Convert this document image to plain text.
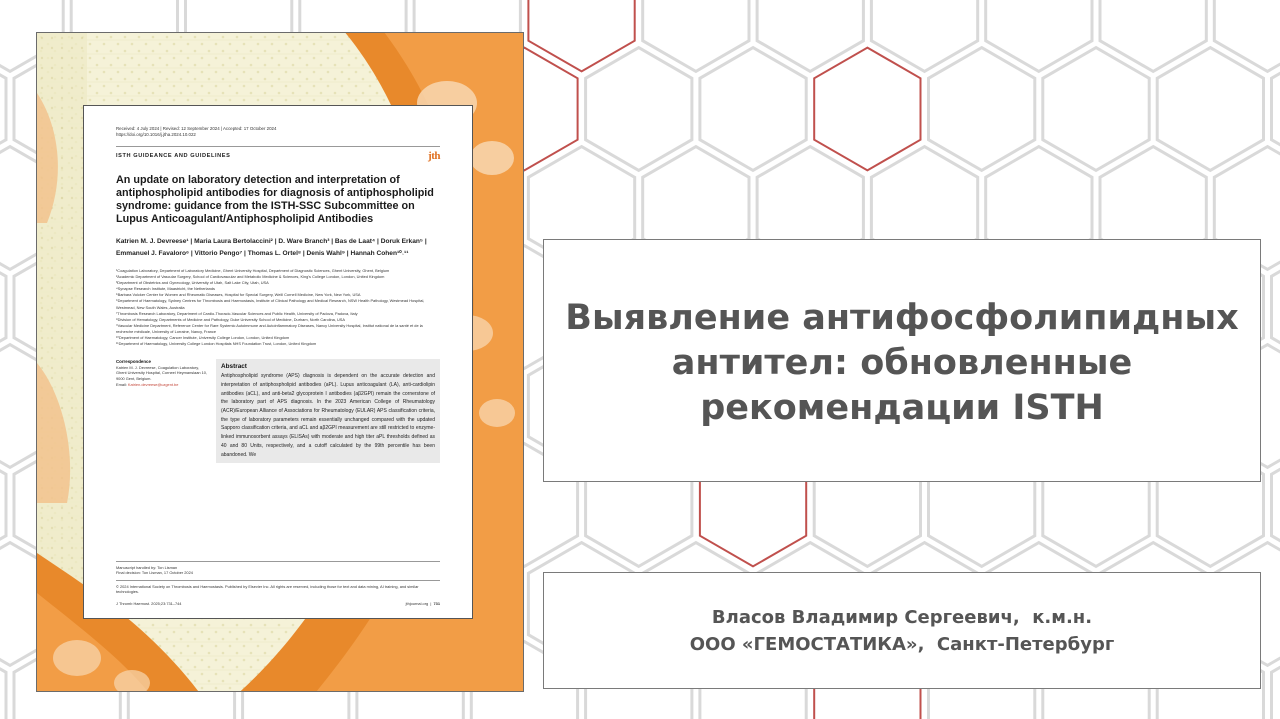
Received: 4 July 2024 | Revised: 12 September 2024 | Accepted: 17 October 2024
https://doi.org/10.1016/j.jtha.2024.10.022
ISTH GUIDEANCE AND GUIDELINES	jth
An update on laboratory detection and interpretation of antiphospholipid antibodies for diagnosis of antiphospholipid syndrome: guidance from the ISTH-SSC Subcommittee on Lupus Anticoagulant/Antiphospholipid Antibodies
Katrien M. J. Devreese¹ | Maria Laura Bertolaccini² | D. Ware Branch³ | Bas de Laat⁴ | Doruk Erkan⁵ | Emmanuel J. Favaloro⁶ | Vittorio Pengo⁷ | Thomas L. Ortel⁸ | Denis Wahl⁹ | Hannah Cohen¹⁰˒¹¹
¹Coagulation Laboratory, Department of Laboratory Medicine, Ghent University Hospital, Department of Diagnostic Sciences, Ghent University, Ghent, Belgium
²Academic Department of Vascular Surgery, School of Cardiovascular and Metabolic Medicine & Sciences, King's College London, London, United Kingdom
³Department of Obstetrics and Gynecology, University of Utah, Salt Lake City, Utah, USA
⁴Synapse Research Institute, Maastricht, the Netherlands
⁵Barbara Volcker Center for Women and Rheumatic Diseases, Hospital for Special Surgery, Weill Cornell Medicine, New York, New York, USA
⁶Department of Haematology, Sydney Centres for Thrombosis and Haemostasis, Institute of Clinical Pathology and Medical Research, NSW Health Pathology, Westmead Hospital, Westmead, New South Wales, Australia
⁷Thrombosis Research Laboratory, Department of Cardio-Thoracic-Vascular Sciences and Public Health, University of Padova, Padova, Italy
⁸Division of Hematology, Departments of Medicine and Pathology, Duke University School of Medicine, Durham, North Carolina, USA
⁹Vascular Medicine Department, Reference Center for Rare Systemic Autoimmune and Autoinflammatory Diseases, Nancy University Hospital, Institut national de la santé et de la recherche médicale, University of Lorraine, Nancy, France
¹⁰Department of Haematology, Cancer Institute, University College London, London, United Kingdom
¹¹Department of Haematology, University College London Hospitals NHS Foundation Trust, London, United Kingdom
Correspondence
Katrien M. J. Devreese, Coagulation Laboratory, Ghent University Hospital, Corneel Heymanslaan 10, 9000 Gent, Belgium.
Email: Katrien.devreese@uzgent.be
Abstract
Antiphospholipid syndrome (APS) diagnosis is dependent on the accurate detection and interpretation of antiphospholipid antibodies (aPL). Lupus anticoagulant (LA), anti-cardiolipin antibodies (aCL), and anti-beta2 glycoprotein I antibodies (aβ2GPI) remain the cornerstone of the laboratory part of APS diagnosis. In the 2023 American College of Rheumatology (ACR)/European Alliance of Associations for Rheumatology (EULAR) APS classification criteria, the type of laboratory parameters remain essentially unchanged compared with the updated Sapporo classification criteria, and aCL and aβ2GPI measurement are still restricted to enzyme-linked immunosorbent assays (ELISAs) with moderate and high titer aPL thresholds defined as 40 and 80 Units, respectively, and a cutoff calculated by the 99th percentile has been abandoned. We
Manuscript handled by: Ton Lisman
Final decision: Ton Lisman, 17 October 2024
© 2024 International Society on Thrombosis and Haemostasis. Published by Elsevier Inc. All rights are reserved, including those for text and data mining, AI training, and similar technologies.
J Thromb Haemost. 2025;23:731–744	jthjournal.org  |  731
Выявление антифосфолипидных
антител: обновленные
рекомендации ISTH
Власов Владимир Сергеевич,  к.м.н.
ООО «ГЕМОСТАТИКА»,  Санкт-Петербург
